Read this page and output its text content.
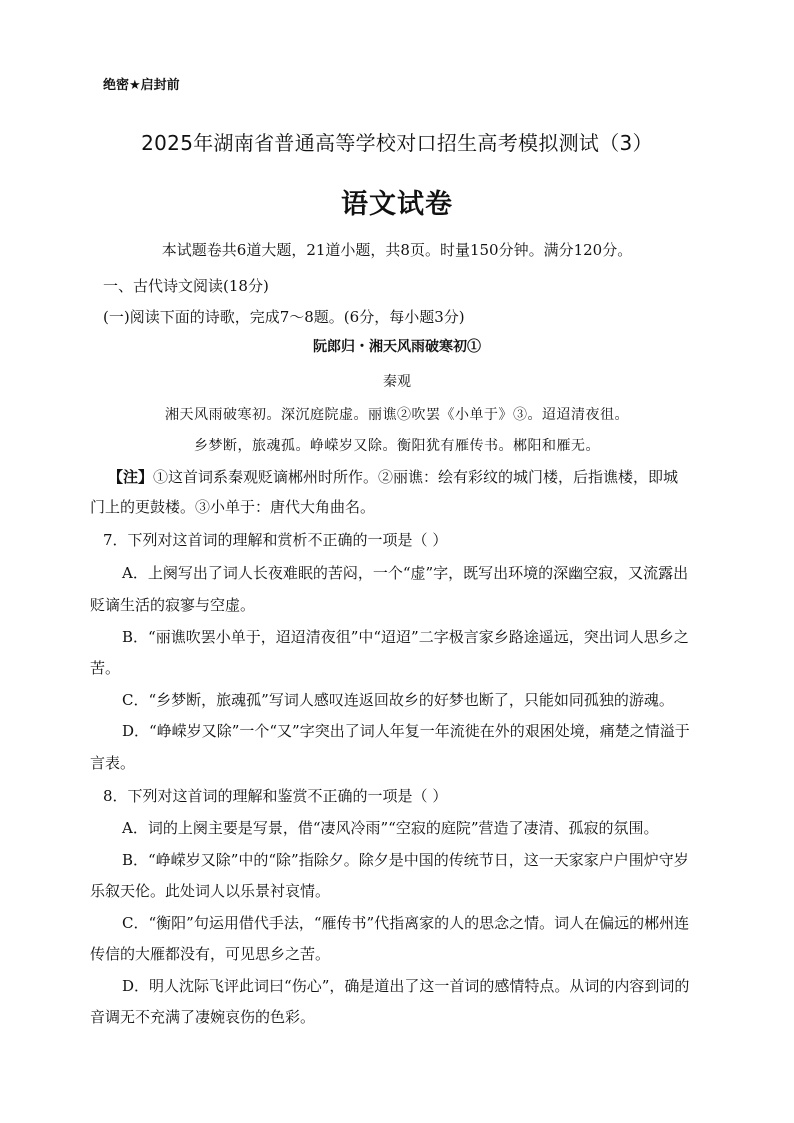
绝密★启封前
2025年湖南省普通高等学校对口招生高考模拟测试（3）
语文试卷
本试题卷共6道大题，21道小题，共8页。时量150分钟。满分120分。
一、古代诗文阅读(18分)
(一)阅读下面的诗歌，完成7～8题。(6分，每小题3分)
阮郎归・湘天风雨破寒初①
秦观
湘天风雨破寒初。深沉庭院虚。丽谯②吹罢《小单于》③。迢迢清夜徂。
乡梦断，旅魂孤。峥嵘岁又除。衡阳犹有雁传书。郴阳和雁无。
【注】①这首词系秦观贬谪郴州时所作。②丽谯：绘有彩纹的城门楼，后指谯楼，即城
门上的更鼓楼。③小单于：唐代大角曲名。
7．下列对这首词的理解和赏析不正确的一项是（ ）
A．上阕写出了词人长夜难眠的苦闷，一个“虚”字，既写出环境的深幽空寂，又流露出
贬谪生活的寂寥与空虚。
B．“丽谯吹罢小单于，迢迢清夜徂”中“迢迢”二字极言家乡路途遥远，突出词人思乡之
苦。
C．“乡梦断，旅魂孤”写词人感叹连返回故乡的好梦也断了，只能如同孤独的游魂。
D．“峥嵘岁又除”一个“又”字突出了词人年复一年流徙在外的艰困处境，痛楚之情溢于
言表。
8．下列对这首词的理解和鉴赏不正确的一项是（ ）
A．词的上阕主要是写景，借“凄风冷雨”“空寂的庭院”营造了凄清、孤寂的氛围。
B．“峥嵘岁又除”中的“除”指除夕。除夕是中国的传统节日，这一天家家户户围炉守岁
乐叙天伦。此处词人以乐景衬哀情。
C．“衡阳”句运用借代手法，“雁传书”代指离家的人的思念之情。词人在偏远的郴州连
传信的大雁都没有，可见思乡之苦。
D．明人沈际飞评此词曰“伤心”，确是道出了这一首词的感情特点。从词的内容到词的
音调无不充满了凄婉哀伤的色彩。
